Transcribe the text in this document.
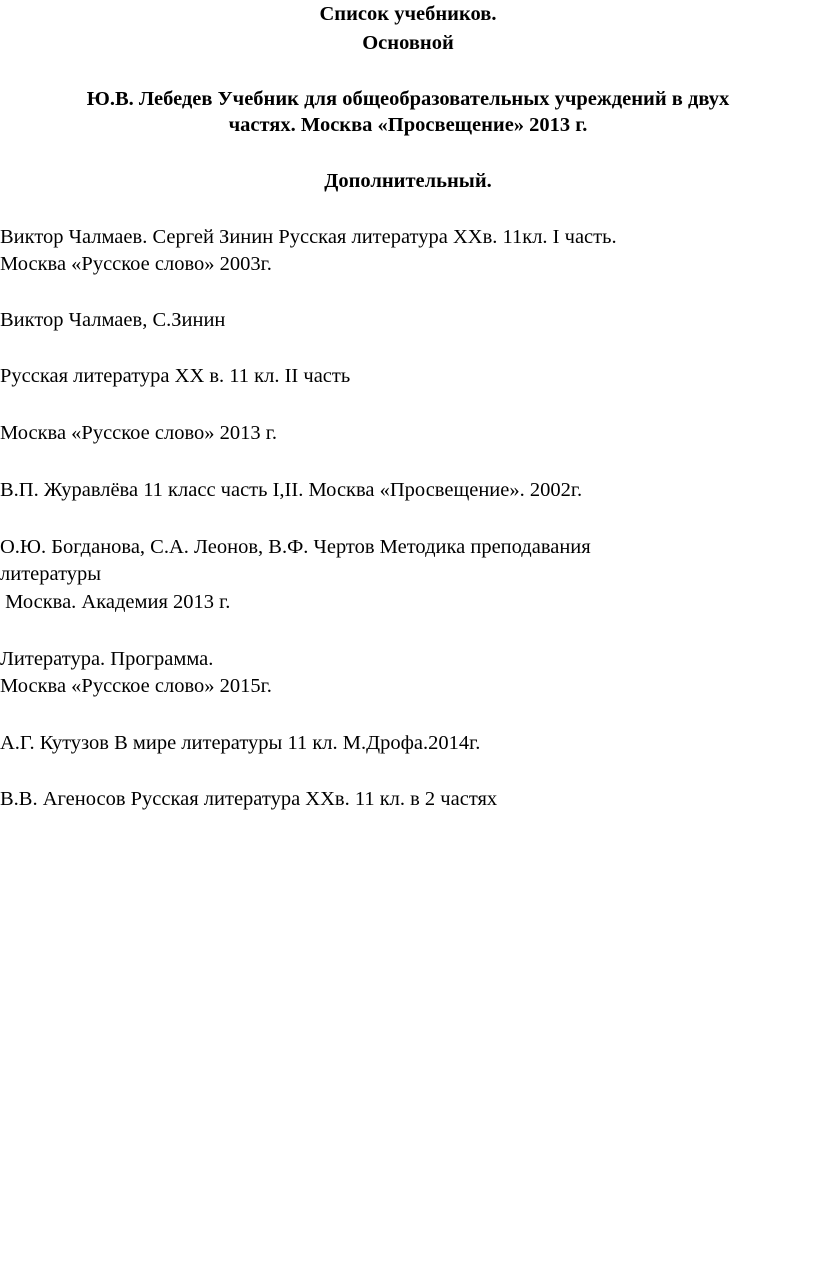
Список учебников.
Основной
Ю.В. Лебедев Учебник для общеобразовательных учреждений в двух
частях. Москва «Просвещение» 2013 г.
Дополнительный.
Виктор Чалмаев. Сергей Зинин Русская литература ХХв. 11кл. I часть.
Москва «Русское слово» 2003г.
Виктор Чалмаев, С.Зинин
Русская литература ХХ в. 11 кл. II часть
Москва «Русское слово» 2013 г.
В.П. Журавлёва 11 класс часть I,II. Москва «Просвещение». 2002г.
О.Ю. Богданова, С.А. Леонов, В.Ф. Чертов Методика преподавания
литературы
Москва. Академия 2013 г.
Литература. Программа.
Москва «Русское слово» 2015г.
А.Г. Кутузов В мире литературы 11 кл. М.Дрофа.2014г.
В.В. Агеносов Русская литература ХХв. 11 кл. в 2 частях
